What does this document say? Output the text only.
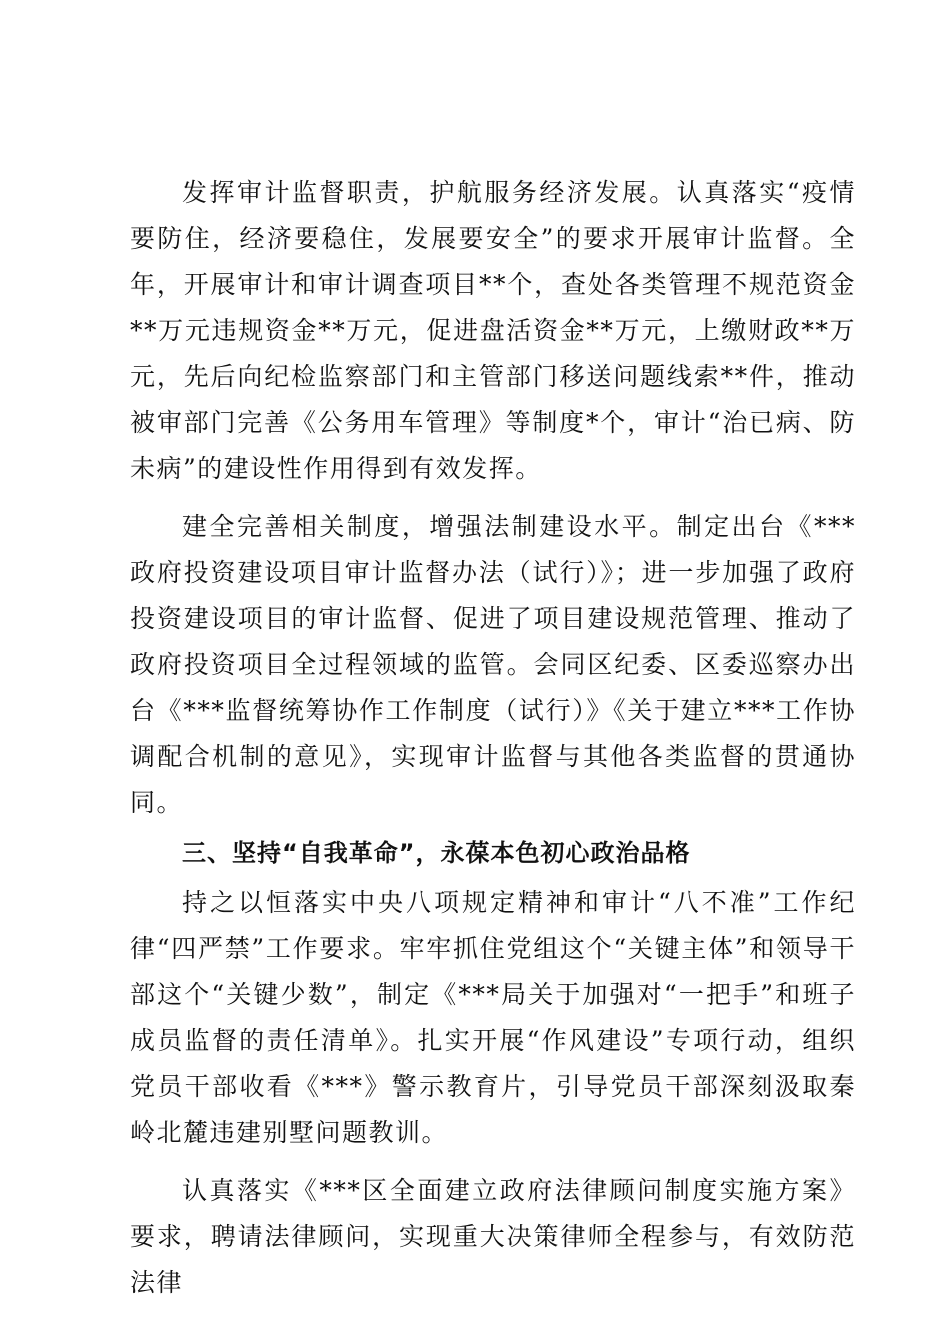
发挥审计监督职责，护航服务经济发展。认真落实“疫情要防住，经济要稳住，发展要安全”的要求开展审计监督。全年，开展审计和审计调查项目**个，查处各类管理不规范资金**万元违规资金**万元，促进盘活资金**万元，上缴财政**万元，先后向纪检监察部门和主管部门移送问题线索**件，推动被审部门完善《公务用车管理》等制度*个，审计“治已病、防未病”的建设性作用得到有效发挥。

建全完善相关制度，增强法制建设水平。制定出台《***政府投资建设项目审计监督办法（试行）》；进一步加强了政府投资建设项目的审计监督、促进了项目建设规范管理、推动了政府投资项目全过程领域的监管。会同区纪委、区委巡察办出台《***监督统筹协作工作制度（试行）》《关于建立***工作协调配合机制的意见》，实现审计监督与其他各类监督的贯通协同。

三、坚持“自我革命”，永葆本色初心政治品格

持之以恒落实中央八项规定精神和审计“八不准”工作纪律“四严禁”工作要求。牢牢抓住党组这个“关键主体”和领导干部这个“关键少数”，制定《***局关于加强对“一把手”和班子成员监督的责任清单》。扎实开展“作风建设”专项行动，组织党员干部收看《***》警示教育片，引导党员干部深刻汲取秦岭北麓违建别墅问题教训。

认真落实《***区全面建立政府法律顾问制度实施方案》要求，聘请法律顾问，实现重大决策律师全程参与，有效防范法律
